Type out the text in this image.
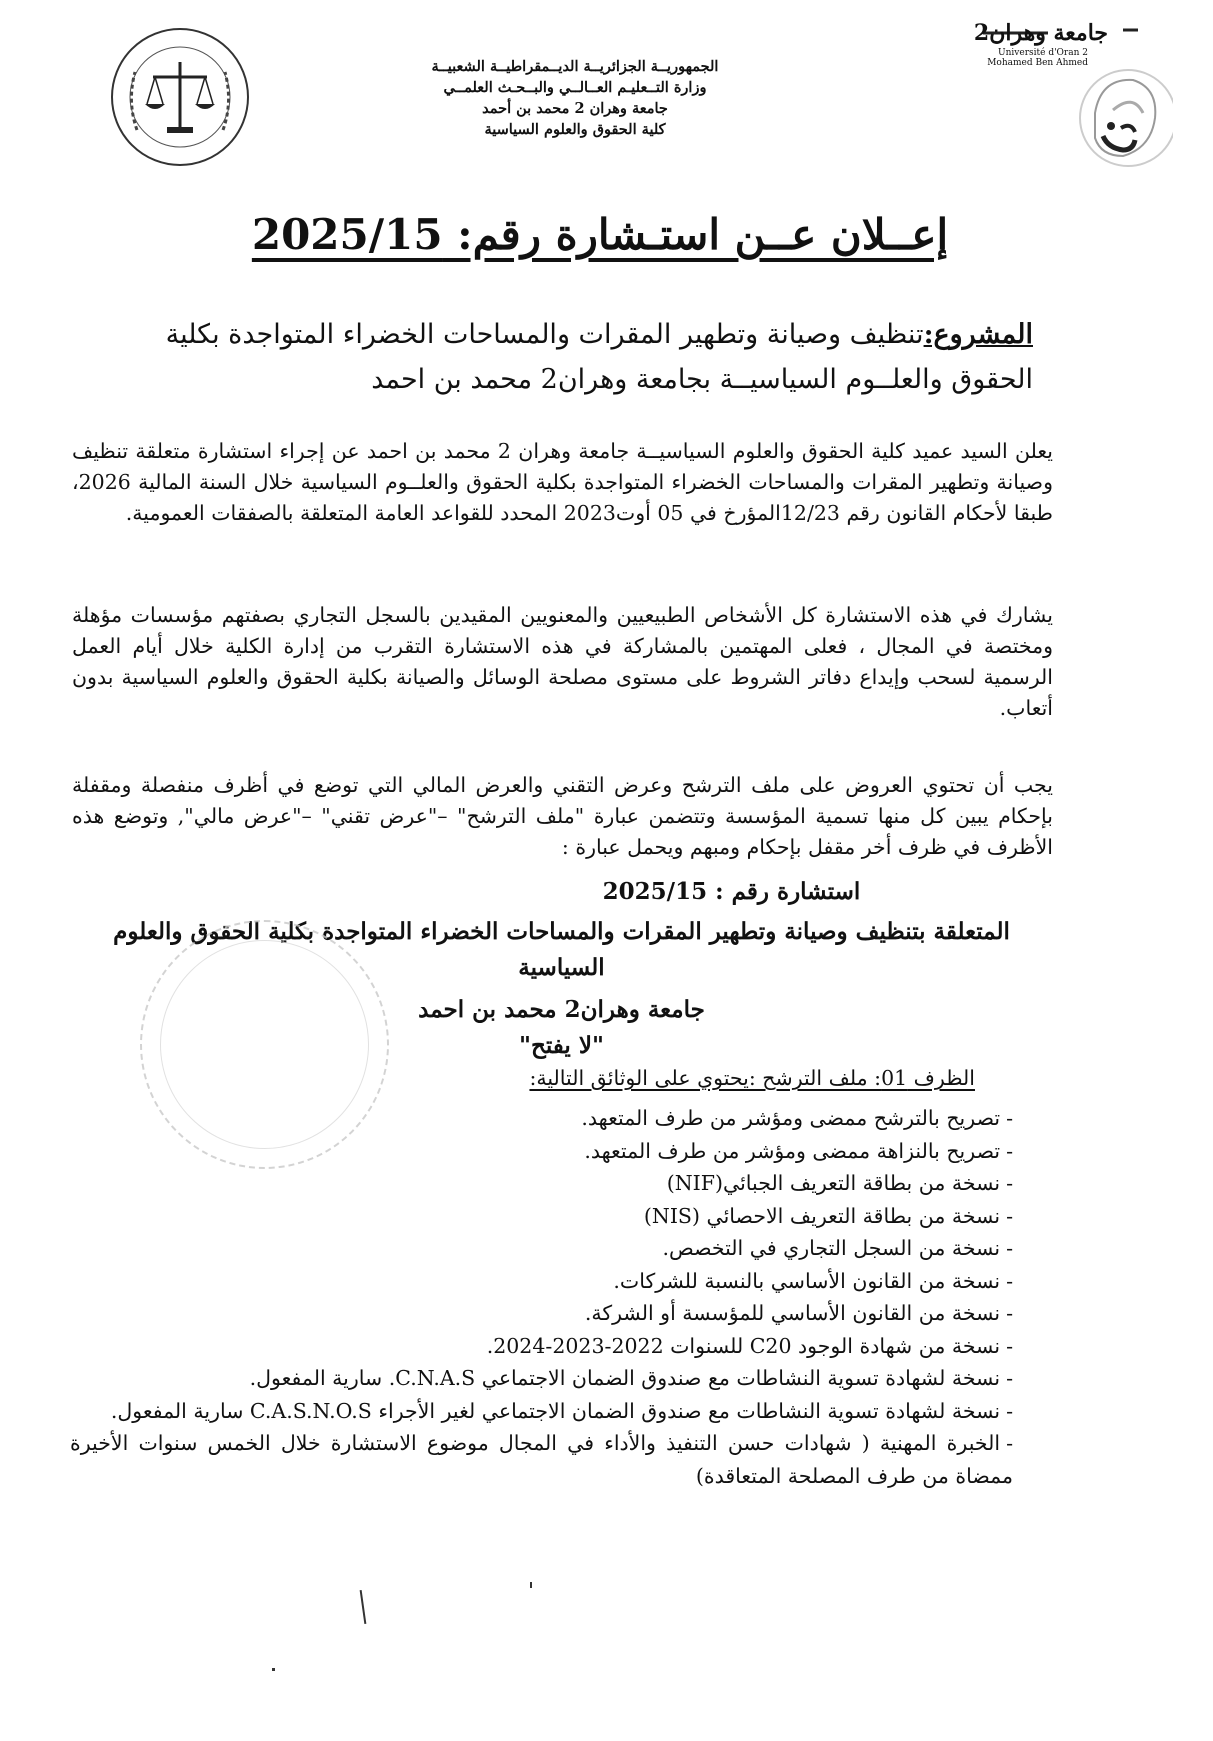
جامعة وهران2
Université d'Oran 2
Mohamed Ben Ahmed
الجمهوريــة الجزائريــة الديــمقراطيــة الشعبيــة
وزارة التــعليـم العــالــي والبــحـث العلمــي
جامعة وهران 2 محمد بن أحمد
كلية الحقوق والعلوم السياسية
إعــلان عــن استـشارة رقم: 2025/15
المشروع:تنظيف وصيانة وتطهير المقرات والمساحات الخضراء المتواجدة بكلية الحقوق والعلــوم السياسيــة بجامعة وهران2 محمد بن احمد
يعلن السيد عميد كلية الحقوق والعلوم السياسيــة جامعة وهران 2 محمد بن احمد عن إجراء استشارة متعلقة تنظيف وصيانة وتطهير المقرات والمساحات الخضراء المتواجدة بكلية الحقوق والعلــوم السياسية خلال السنة المالية 2026، طبقا لأحكام القانون رقم 12/23المؤرخ في 05 أوت2023 المحدد للقواعد العامة المتعلقة بالصفقات العمومية.
يشارك في هذه الاستشارة كل الأشخاص الطبيعيين والمعنويين المقيدين بالسجل التجاري بصفتهم مؤسسات مؤهلة ومختصة في المجال ، فعلى المهتمين بالمشاركة في هذه الاستشارة التقرب من إدارة الكلية خلال أيام العمل الرسمية لسحب وإيداع دفاتر الشروط على مستوى مصلحة الوسائل والصيانة بكلية الحقوق والعلوم السياسية بدون أتعاب.
يجب أن تحتوي العروض على ملف الترشح وعرض التقني والعرض المالي التي توضع في أظرف منفصلة ومقفلة بإحكام يبين كل منها تسمية المؤسسة وتتضمن عبارة "ملف الترشح" –"عرض تقني" –"عرض مالي", وتوضع هذه الأظرف في ظرف أخر مقفل بإحكام ومبهم ويحمل عبارة :
استشارة رقم : 2025/15
المتعلقة بتنظيف وصيانة وتطهير المقرات والمساحات الخضراء المتواجدة بكلية الحقوق والعلوم السياسية
جامعة وهران2 محمد بن احمد
"لا يفتح"
الظرف 01: ملف الترشح :يحتوي على الوثائق التالية:
-تصريح بالترشح ممضى ومؤشر من طرف المتعهد.
-تصريح بالنزاهة ممضى ومؤشر من طرف المتعهد.
-نسخة من بطاقة التعريف الجبائي(NIF)
-نسخة من بطاقة التعريف الاحصائي (NIS)
-نسخة من السجل التجاري في التخصص.
-نسخة من القانون الأساسي بالنسبة للشركات.
-نسخة من القانون الأساسي للمؤسسة أو الشركة.
-نسخة من شهادة الوجود C20 للسنوات 2022-2023-2024.
-نسخة لشهادة تسوية النشاطات مع صندوق الضمان الاجتماعي C.N.A.S. سارية المفعول.
-نسخة لشهادة تسوية النشاطات مع صندوق الضمان الاجتماعي لغير الأجراء C.A.S.N.O.S سارية المفعول.
-الخبرة المهنية ( شهادات حسن التنفيذ والأداء في المجال موضوع الاستشارة خلال الخمس سنوات الأخيرة ممضاة من طرف المصلحة المتعاقدة)
